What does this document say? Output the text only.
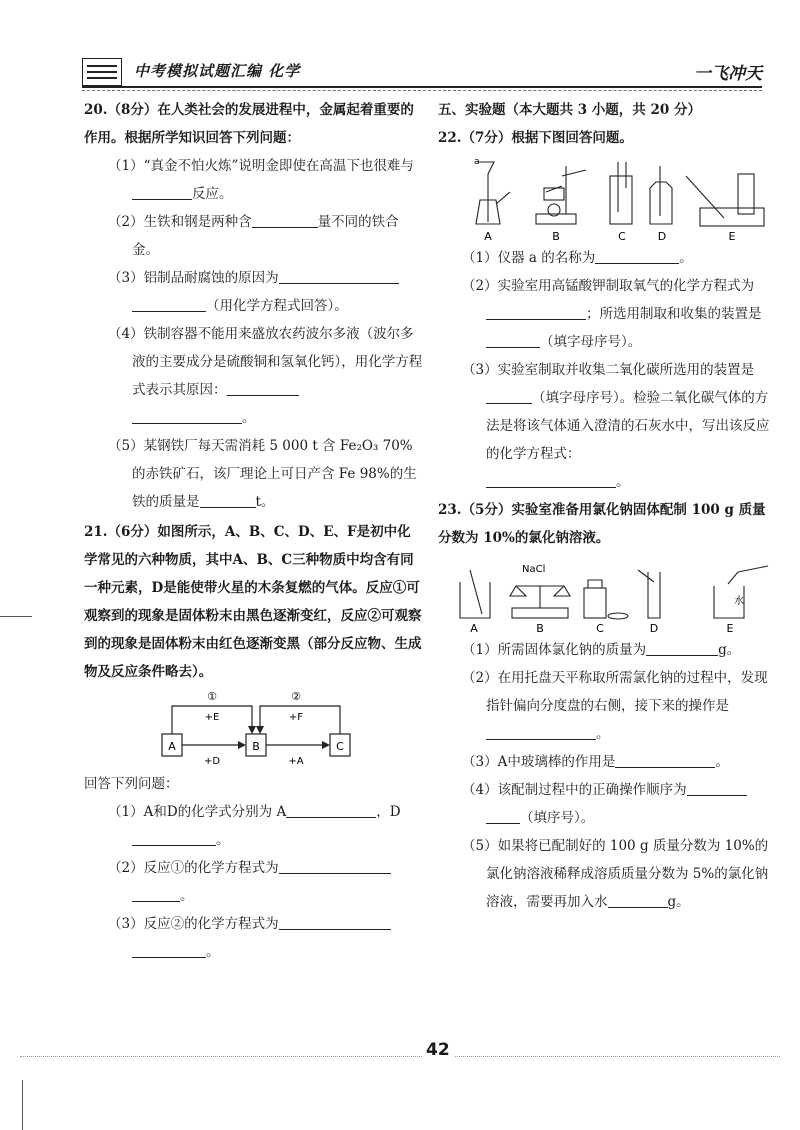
中考模拟试题汇编 化学	一飞冲天
20.（8分）在人类社会的发展进程中，金属起着重要的作用。根据所学知识回答下列问题：
（1）“真金不怕火炼”说明金即使在高温下也很难与反应。
（2）生铁和钢是两种含	量不同的铁合金。
（3）铝制品耐腐蚀的原因为
（用化学方程式回答）。
（4）铁制容器不能用来盛放农药波尔多液（波尔多液的主要成分是硫酸铜和氢氧化钙），用化学方程式表示其原因：
。
（5）某钢铁厂每天需消耗 5 000 t 含 Fe₂O₃ 70%的赤铁矿石，该厂理论上可日产含 Fe 98%的生铁的质量是	t。
21.（6分）如图所示，A、B、C、D、E、F是初中化学常见的六种物质，其中A、B、C三种物质中均含有同一种元素，D是能使带火星的木条复燃的气体。反应①可观察到的现象是固体粉末由黑色逐渐变红，反应②可观察到的现象是固体粉末由红色逐渐变黑（部分反应物、生成物及反应条件略去）。
A	B	C
①	②
+E	+F
+D	+A
回答下列问题：
（1）A和D的化学式分别为 A	，D。
（2）反应①的化学方程式为
。
（3）反应②的化学方程式为
。
五、实验题（本大题共 3 小题，共 20 分）
22.（7分）根据下图回答问题。
a
A	B	C	D	E
（1）仪器 a 的名称为	。
（2）实验室用高锰酸钾制取氧气的化学方程式为；所选用制取和收集的装置是（填字母序号）。
（3）实验室制取并收集二氧化碳所选用的装置是（填字母序号）。检验二氧化碳气体的方法是将该气体通入澄清的石灰水中，写出该反应的化学方程式：
。
23.（5分）实验室准备用氯化钠固体配制 100 g 质量分数为 10%的氯化钠溶液。
NaCl
水
A	B	C	D	E
（1）所需固体氯化钠的质量为	g。
（2）在用托盘天平称取所需氯化钠的过程中，发现指针偏向分度盘的右侧，接下来的操作是。
（3）A中玻璃棒的作用是	。
（4）该配制过程中的正确操作顺序为
（填序号）。
（5）如果将已配制好的 100 g 质量分数为 10%的氯化钠溶液稀释成溶质质量分数为 5%的氯化钠溶液，需要再加入水	g。
42
